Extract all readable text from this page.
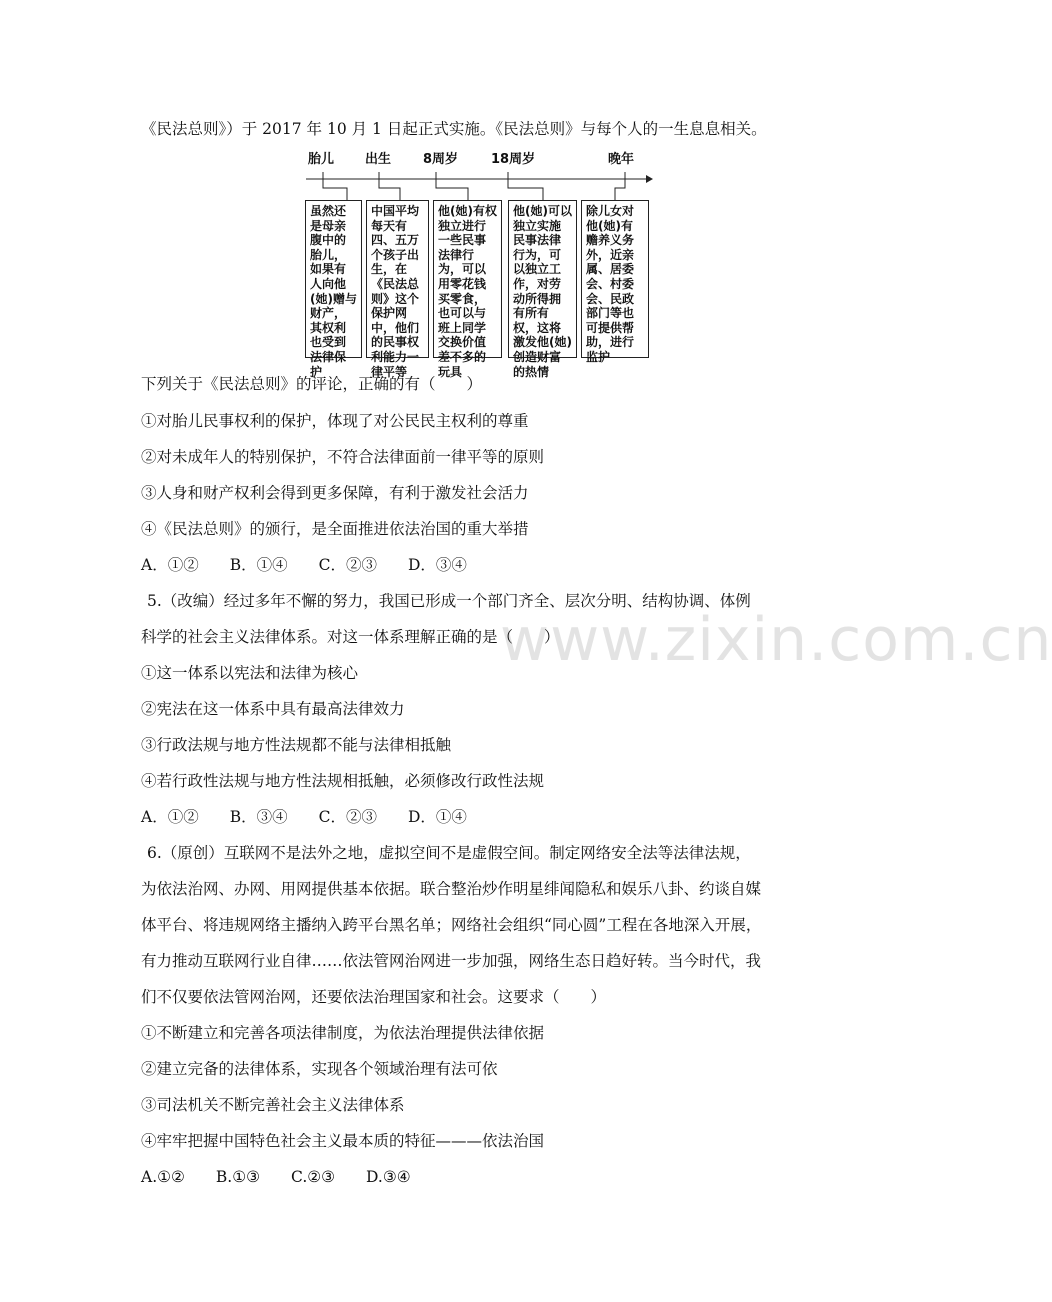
www.zixin.com.cn
《民法总则》）于 2017 年 10 月 1 日起正式实施。《民法总则》与每个人的一生息息相关。
胎儿 出生 8周岁	18周岁	晚年
虽然还是母亲腹中的胎儿，如果有人向他(她)赠与财产，其权利也受到法律保护
中国平均每天有四、五万个孩子出生，在《民法总则》这个保护网中，他们的民事权利能力一律平等
他(她)有权独立进行一些民事法律行为，可以用零花钱买零食，也可以与班上同学交换价值差不多的玩具
他(她)可以独立实施民事法律行为，可以独立工作，对劳动所得拥有所有权，这将激发他(她)创造财富的热情
除儿女对他(她)有赡养义务外，近亲属、居委会、村委会、民政部门等也可提供帮助，进行监护
下列关于《民法总则》的评论，正确的有（　　）
①对胎儿民事权利的保护，体现了对公民民主权利的尊重
②对未成年人的特别保护，不符合法律面前一律平等的原则
③人身和财产权利会得到更多保障，有利于激发社会活力
④《民法总则》的颁行，是全面推进依法治国的重大举措
A．①②　　B．①④　　C．②③　　D．③④
5.（改编）经过多年不懈的努力，我国已形成一个部门齐全、层次分明、结构协调、体例
科学的社会主义法律体系。对这一体系理解正确的是（　　）
①这一体系以宪法和法律为核心
②宪法在这一体系中具有最高法律效力
③行政法规与地方性法规都不能与法律相抵触
④若行政性法规与地方性法规相抵触，必须修改行政性法规
A．①②　　B．③④　　C．②③　　D．①④
6.（原创）互联网不是法外之地，虚拟空间不是虚假空间。制定网络安全法等法律法规，
为依法治网、办网、用网提供基本依据。联合整治炒作明星绯闻隐私和娱乐八卦、约谈自媒
体平台、将违规网络主播纳入跨平台黑名单；网络社会组织“同心圆”工程在各地深入开展，
有力推动互联网行业自律……依法管网治网进一步加强，网络生态日趋好转。当今时代，我
们不仅要依法管网治网，还要依法治理国家和社会。这要求（　　）
①不断建立和完善各项法律制度，为依法治理提供法律依据
②建立完备的法律体系，实现各个领域治理有法可依
③司法机关不断完善社会主义法律体系
④牢牢把握中国特色社会主义最本质的特征———依法治国
A.①②　　B.①③　　C.②③　　D.③④
